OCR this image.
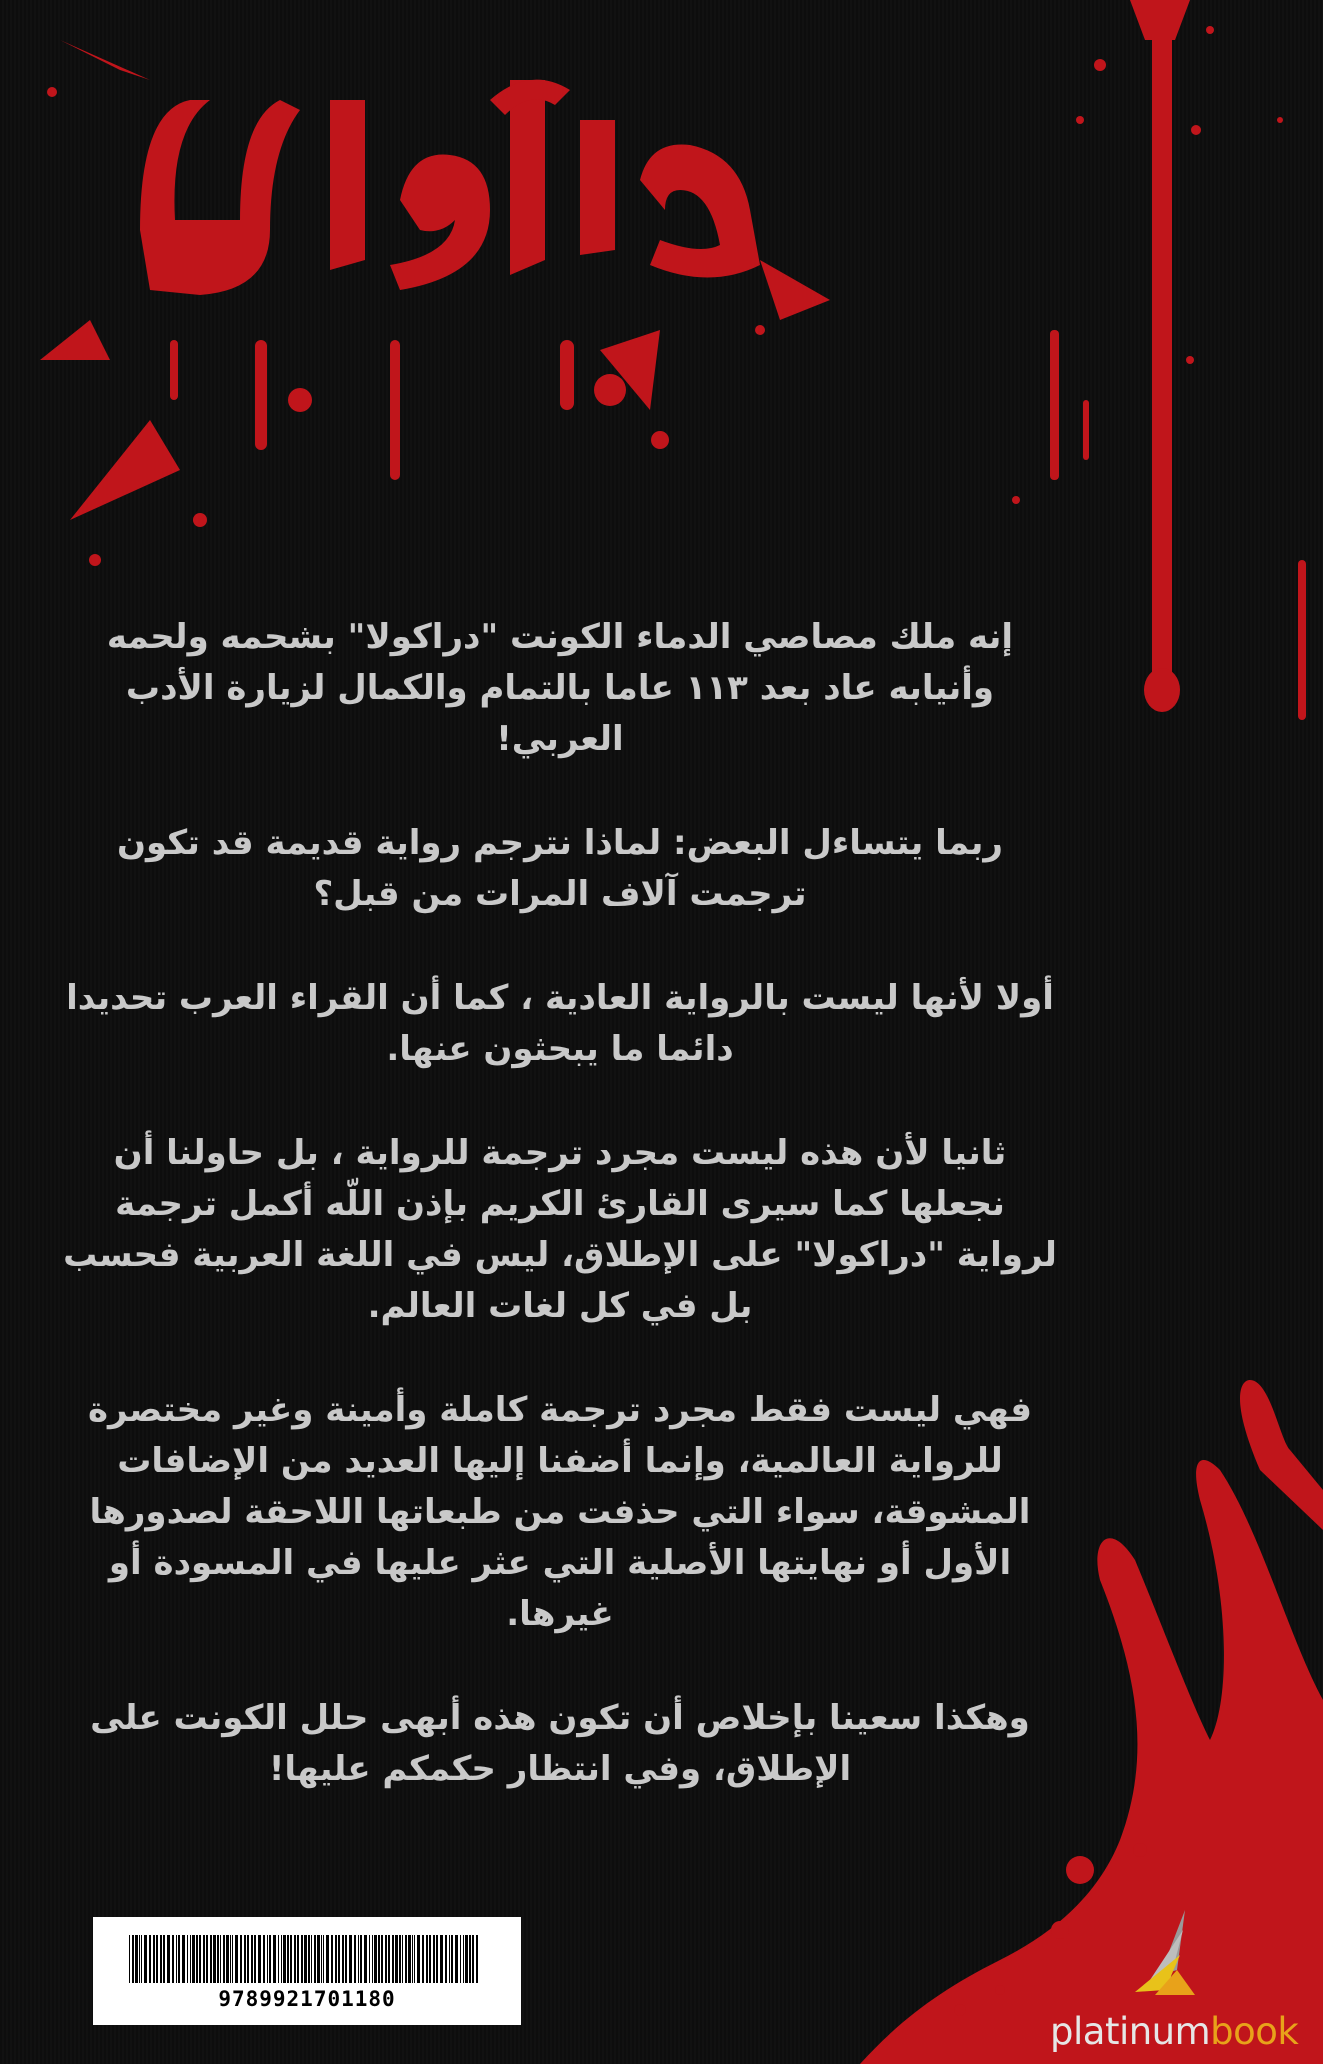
إنه ملك مصاصي الدماء الكونت "دراكولا" بشحمه ولحمه وأنيابه عاد بعد ١١٣ عاما بالتمام والكمال لزيارة الأدب العربي!

ربما يتساءل البعض: لماذا نترجم رواية قديمة قد تكون ترجمت آلاف المرات من قبل؟

أولا لأنها ليست بالرواية العادية ، كما أن القراء العرب تحديدا دائما ما يبحثون عنها.

ثانيا لأن هذه ليست مجرد ترجمة للرواية ، بل حاولنا أن نجعلها كما سيرى القارئ الكريم بإذن اللّه أكمل ترجمة لرواية "دراكولا" على الإطلاق، ليس في اللغة العربية فحسب بل في كل لغات العالم.

فهي ليست فقط مجرد ترجمة كاملة وأمينة وغير مختصرة للرواية العالمية، وإنما أضفنا إليها العديد من الإضافات المشوقة، سواء التي حذفت من طبعاتها اللاحقة لصدورها الأول أو نهايتها الأصلية التي عثر عليها في المسودة أو غيرها.

وهكذا سعينا بإخلاص أن تكون هذه أبهى حلل الكونت على الإطلاق، وفي انتظار حكمكم عليها!

9789921701180
platinumbook
